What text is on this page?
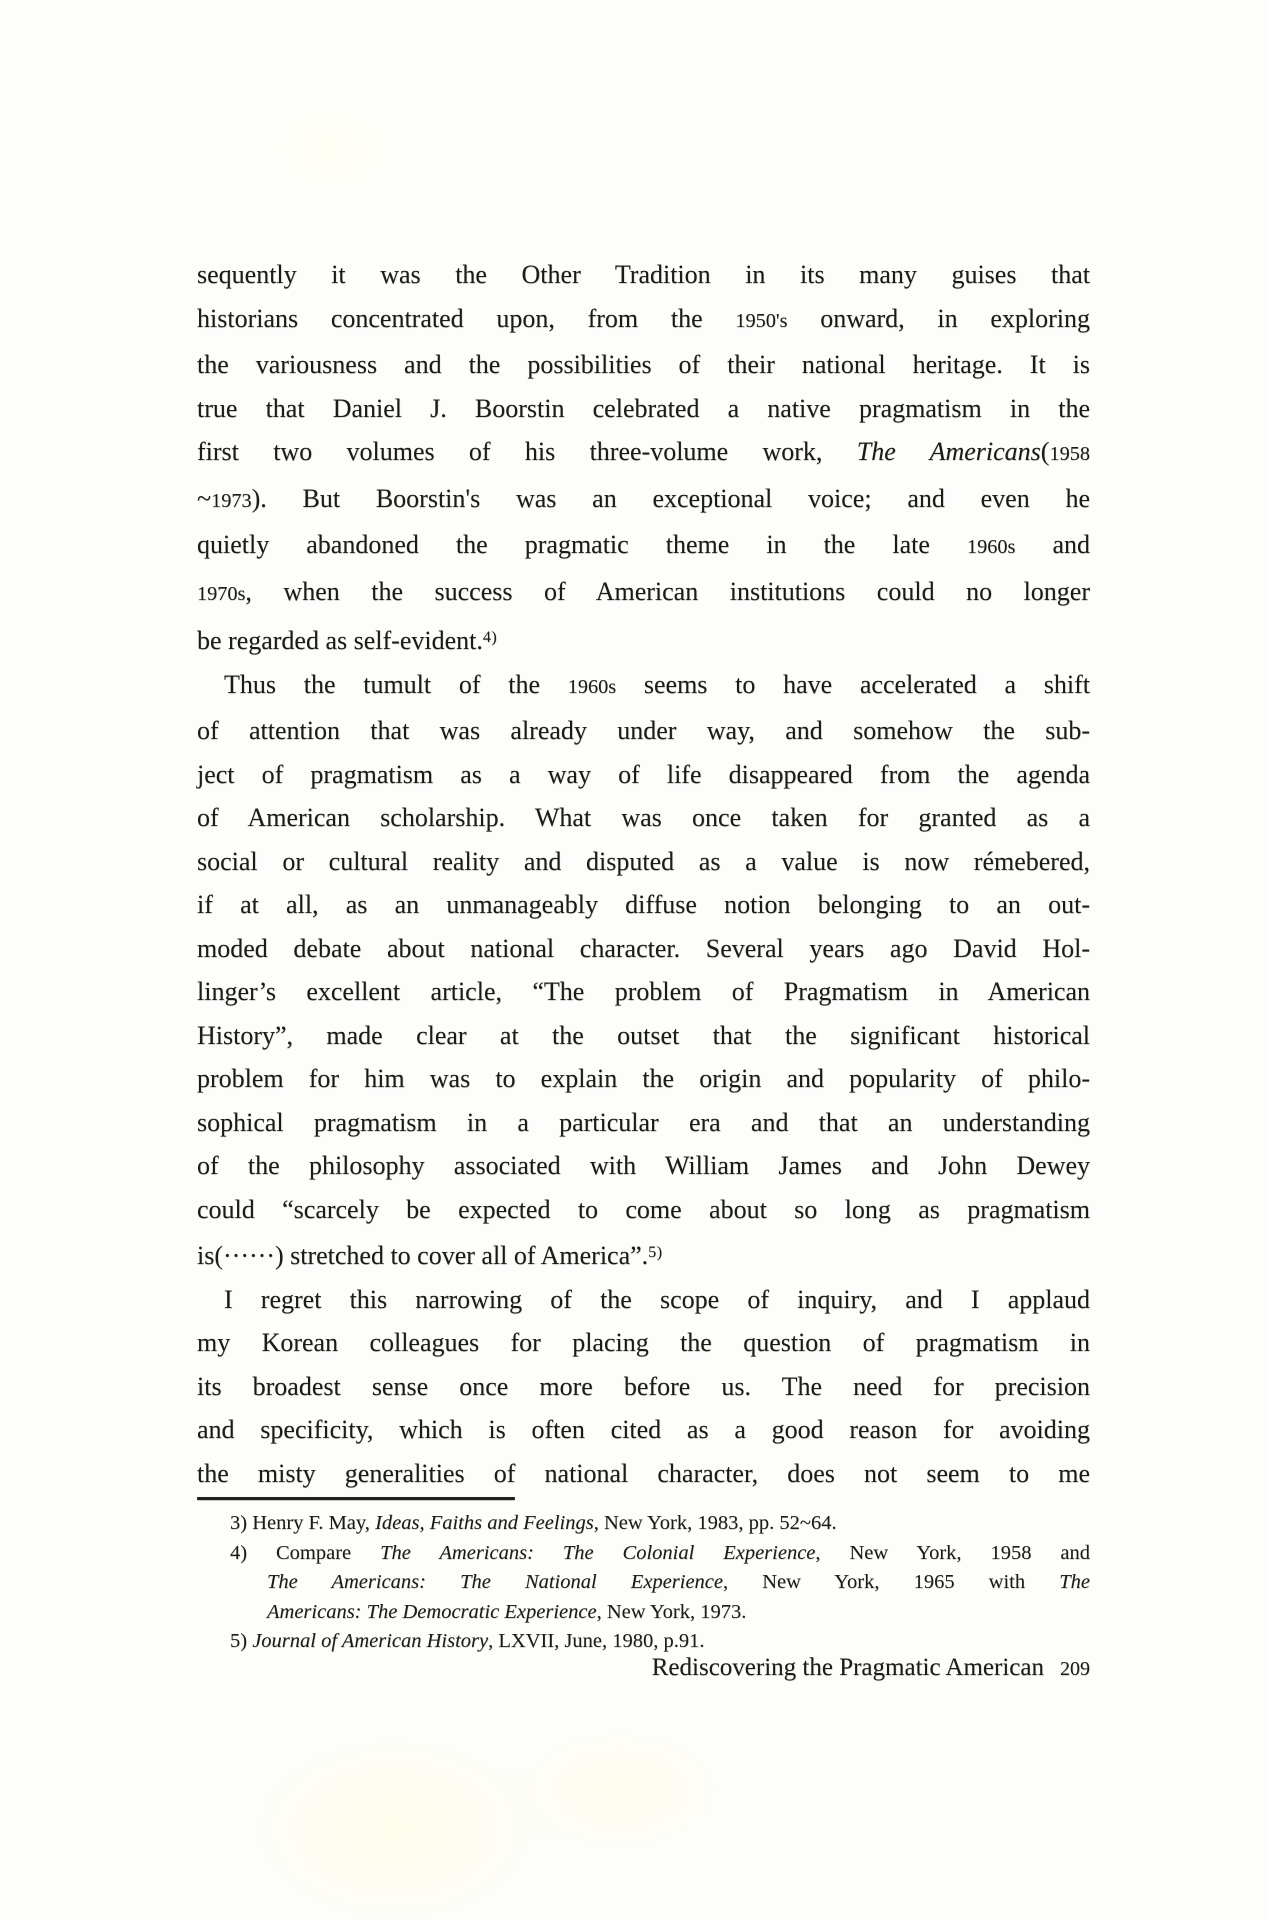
sequently it was the Other Tradition in its many guises that
historians concentrated upon, from the 1950's onward, in exploring
the variousness and the possibilities of their national heritage. It is
true that Daniel J. Boorstin celebrated a native pragmatism in the
first two volumes of his three-volume work, The Americans(1958
~1973). But Boorstin's was an exceptional voice; and even he
quietly abandoned the pragmatic theme in the late 1960s and
1970s, when the success of American institutions could no longer
be regarded as self-evident.$^{4)}$
Thus the tumult of the 1960s seems to have accelerated a shift
of attention that was already under way, and somehow the sub-
ject of pragmatism as a way of life disappeared from the agenda
of American scholarship. What was once taken for granted as a
social or cultural reality and disputed as a value is now rémebered,
if at all, as an unmanageably diffuse notion belonging to an out-
moded debate about national character. Several years ago David Hol-
linger’s excellent article, “The problem of Pragmatism in American
History”, made clear at the outset that the significant historical
problem for him was to explain the origin and popularity of philo-
sophical pragmatism in a particular era and that an understanding
of the philosophy associated with William James and John Dewey
could “scarcely be expected to come about so long as pragmatism
is(······) stretched to cover all of America”.$^{5)}$
I regret this narrowing of the scope of inquiry, and I applaud
my Korean colleagues for placing the question of pragmatism in
its broadest sense once more before us. The need for precision
and specificity, which is often cited as a good reason for avoiding
the misty generalities of national character, does not seem to me
3) Henry F. May, Ideas, Faiths and Feelings, New York, 1983, pp. 52~64.
4) Compare The Americans: The Colonial Experience, New York, 1958 and
The Americans: The National Experience, New York, 1965 with The
Americans: The Democratic Experience, New York, 1973.
5) Journal of American History, LXVII, June, 1980, p.91.
Rediscovering the Pragmatic American 209
